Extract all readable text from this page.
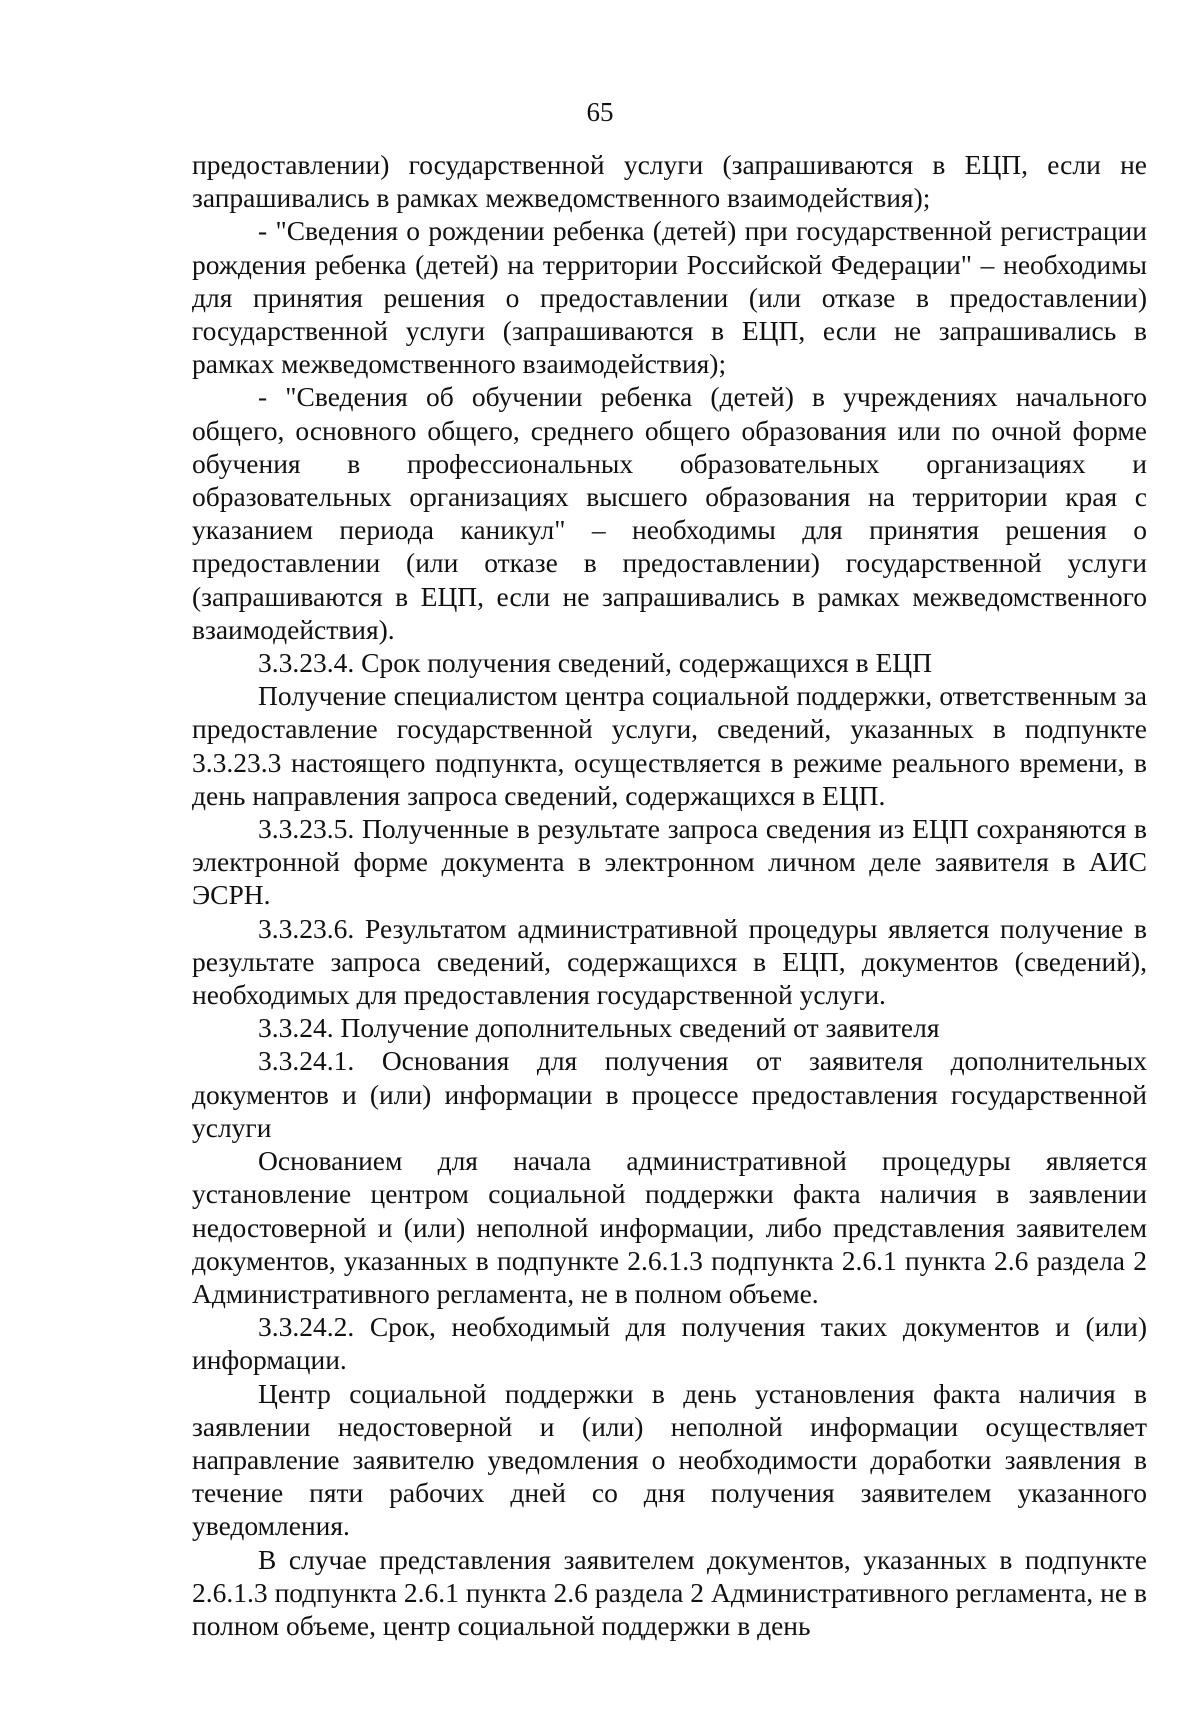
65

предоставлении) государственной услуги (запрашиваются в ЕЦП, если не запрашивались в рамках межведомственного взаимодействия);

- "Сведения о рождении ребенка (детей) при государственной регистрации рождения ребенка (детей) на территории Российской Федерации" – необходимы для принятия решения о предоставлении (или отказе в предоставлении) государственной услуги (запрашиваются в ЕЦП, если не запрашивались в рамках межведомственного взаимодействия);

- "Сведения об обучении ребенка (детей) в учреждениях начального общего, основного общего, среднего общего образования или по очной форме обучения в профессиональных образовательных организациях и образовательных организациях высшего образования на территории края с указанием периода каникул" – необходимы для принятия решения о предоставлении (или отказе в предоставлении) государственной услуги (запрашиваются в ЕЦП, если не запрашивались в рамках межведомственного взаимодействия).

3.3.23.4. Срок получения сведений, содержащихся в ЕЦП

Получение специалистом центра социальной поддержки, ответственным за предоставление государственной услуги, сведений, указанных в подпункте 3.3.23.3 настоящего подпункта, осуществляется в режиме реального времени, в день направления запроса сведений, содержащихся в ЕЦП.

3.3.23.5. Полученные в результате запроса сведения из ЕЦП сохраняются в электронной форме документа в электронном личном деле заявителя в АИС ЭСРН.

3.3.23.6. Результатом административной процедуры является получение в результате запроса сведений, содержащихся в ЕЦП, документов (сведений), необходимых для предоставления государственной услуги.

3.3.24. Получение дополнительных сведений от заявителя

3.3.24.1. Основания для получения от заявителя дополнительных документов и (или) информации в процессе предоставления государственной услуги

Основанием для начала административной процедуры является установление центром социальной поддержки факта наличия в заявлении недостоверной и (или) неполной информации, либо представления заявителем документов, указанных в подпункте 2.6.1.3 подпункта 2.6.1 пункта 2.6 раздела 2 Административного регламента, не в полном объеме.

3.3.24.2. Срок, необходимый для получения таких документов и (или) информации.

Центр социальной поддержки в день установления факта наличия в заявлении недостоверной и (или) неполной информации осуществляет направление заявителю уведомления о необходимости доработки заявления в течение пяти рабочих дней со дня получения заявителем указанного уведомления.

В случае представления заявителем документов, указанных в подпункте 2.6.1.3 подпункта 2.6.1 пункта 2.6 раздела 2 Административного регламента, не в полном объеме, центр социальной поддержки в день
